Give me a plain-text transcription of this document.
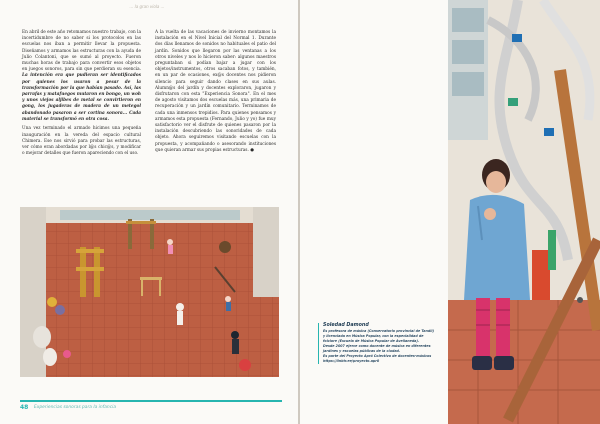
... la gran viola ...

En abril de este año retomamos nuestro trabajo, con la incertidumbre de no saber si los protocolos en las escuelas nos iban a permitir llevar la propuesta. Diseñamos y armamos las estructuras con la ayuda de Julio Colantoni, que se sumó al proyecto. Fueron muchas horas de trabajo para convertir esos objetos en juegos sonoros, para sin que perdieran su esencia. La intención era que pudieran ser identificados por quienes los usaron a pesar de la transformación por la que habían pasado. Así, las parrafas y matafuegos mutaron en bongo, un woh y unos viejos aljibes de metal se convirtieron en gong, los jugaderas de madera de un metegol abandonado pasaron a ser cortina sonora... Cada material se transformó en otra cosa.

Una vez terminado el armado hicimos una pequeña inauguración en la vereda del espacio cultural Chimera. Ese nos sirvió para probar las estructuras, ver cómo eran abordadas por l@s chic@s, y modificar o mejorar detalles que fueron apareciendo con el uso.

A la vuelta de las vacaciones de invierno montamos la instalación en el Nivel Inicial del Normal 1. Durante dos días llenamos de sonidos no habituales el patio del jardín. Sonidos que llegaron por las ventanas a los otros niveles y nos lo hicieron saber: algunos maestros preguntaban si podían bajar a jugar con los objetos/instrumentos, otros sacaban fotos, y también, en un par de ocasiones, ex@s docentes nos pidieron silencio para seguir dando clases en sus aulas. Alumn@s del jardín y docentes exploraron, jugaron y disfrutaron con esta "Experiencia Sonora". En el mes de agosto visitamos dos escuelas más, una primaria de recuperación y un jardín comunitario. Terminamos de cada una inmensos trepidios. Para quienes pensamos y armamos esta propuesta (Fernando, Julio y yo) fue muy satisfactorio ver el disfrute de quienes pasaron por la instalación descubriendo las sonoridades de cada objeto. Ahora seguiremos visitando escuelas con la propuesta, y acompañando o asesorando instituciones que quieran armar sus propias estructuras. ●

48 Experiencias sonoras para la infancia
Soledad Damond
Es profesora de música (Conservatorio provincial de Tandil)
y licenciada en Música Popular, con la especialidad de
folclore (Escuela de Música Popular de Avellaneda).
Desde 2007 ejerce como docente de música en diferentes
jardines y escuelas públicas de la ciudad.
Es parte del Proyecto Apró Colectivo de docentes-músicos
https://linktr.ee/proyecto.apr0
